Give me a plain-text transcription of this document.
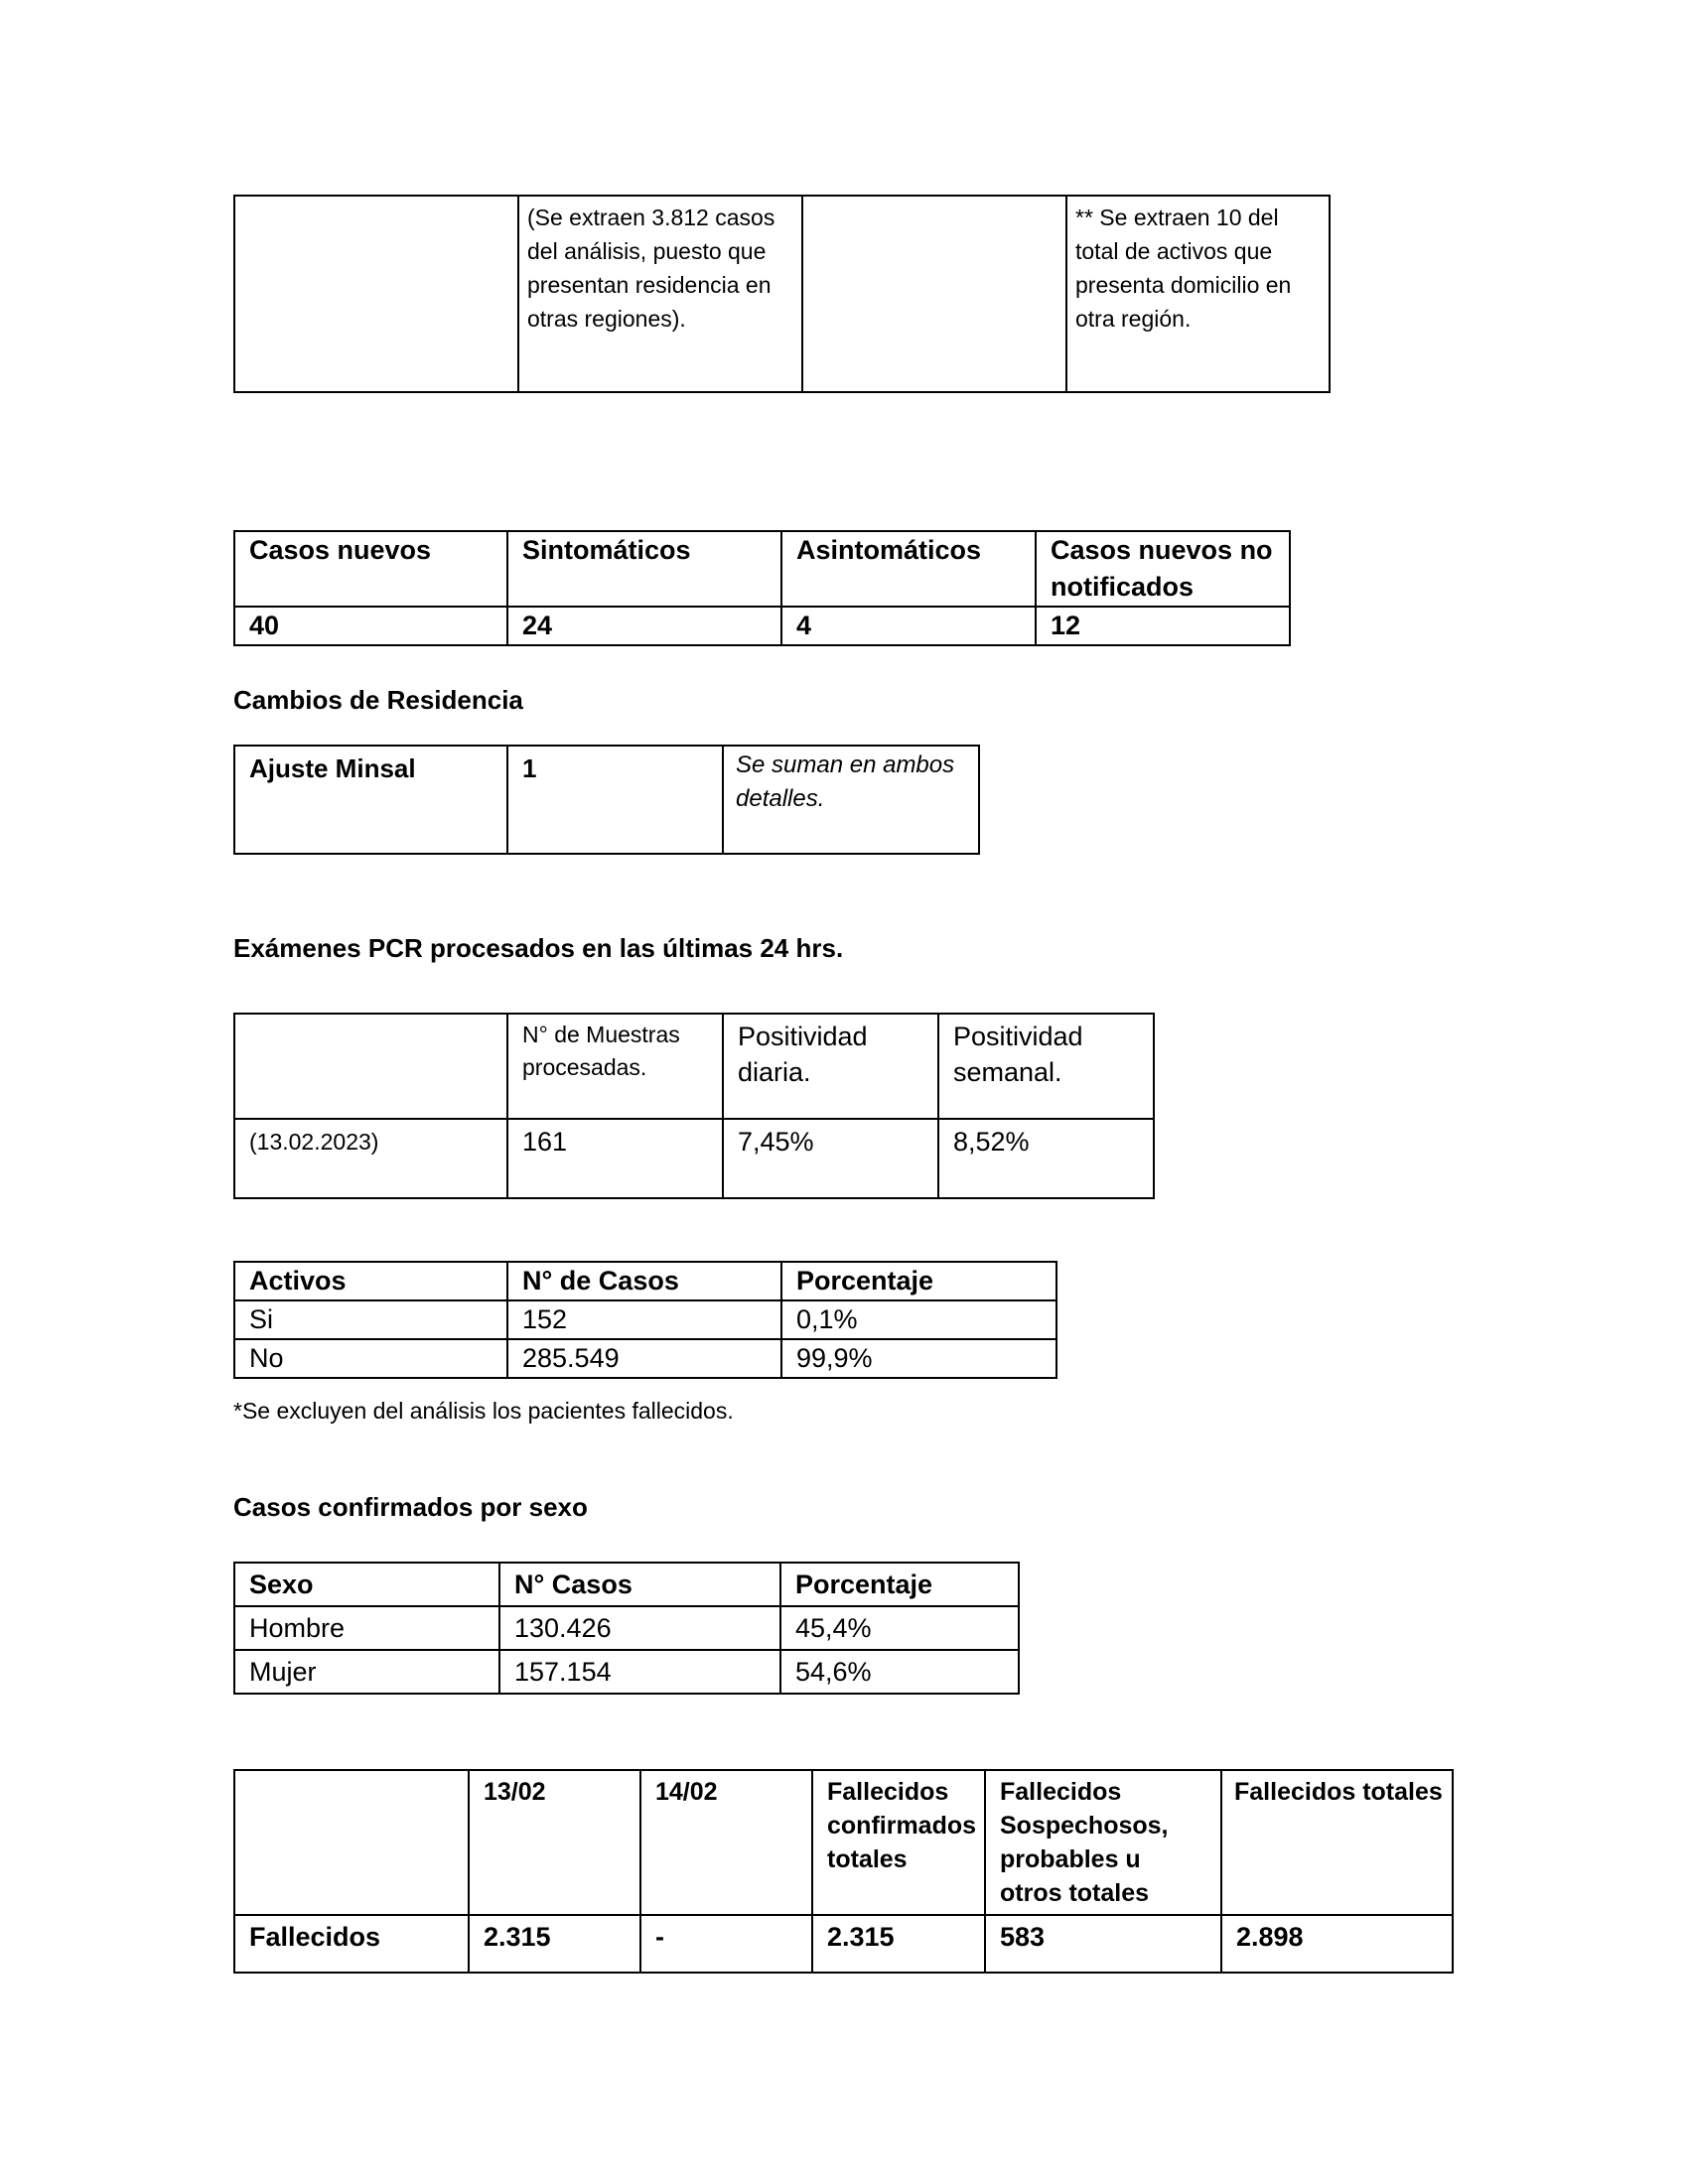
	(Se extraen 3.812 casos del análisis, puesto que presentan residencia en otras regiones).		** Se extraen 10 del total de activos que presenta domicilio en otra región.
Casos nuevos	Sintomáticos	Asintomáticos	Casos nuevos no notificados
40	24	4	12
Cambios de Residencia
Ajuste Minsal	1	Se suman en ambos detalles.
Exámenes PCR procesados en las últimas 24 hrs.
	N° de Muestras procesadas.	Positividad diaria.	Positividad semanal.
(13.02.2023)	161	7,45%	8,52%
Activos	N° de Casos	Porcentaje
Si	152	0,1%
No	285.549	99,9%
*Se excluyen del análisis los pacientes fallecidos.
Casos confirmados por sexo
Sexo	N° Casos	Porcentaje
Hombre	130.426	45,4%
Mujer	157.154	54,6%
	13/02	14/02	Fallecidos confirmados totales	Fallecidos Sospechosos, probables u otros totales	Fallecidos totales
Fallecidos	2.315	-	2.315	583	2.898
